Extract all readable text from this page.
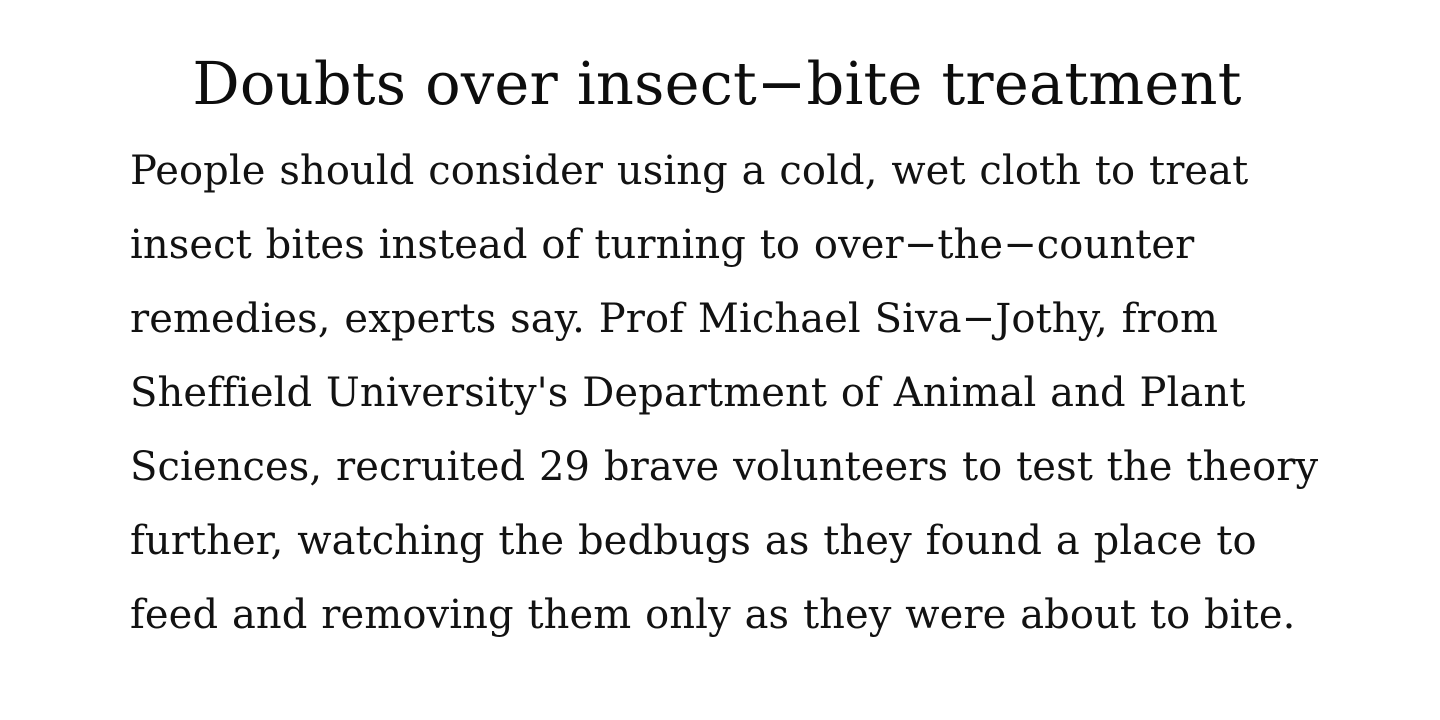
Doubts over insect−bite treatment

People should consider using a cold, wet cloth to treat insect bites instead of turning to over−the−counter remedies, experts say. Prof Michael Siva−Jothy, from Sheffield University's Department of Animal and Plant Sciences, recruited 29 brave volunteers to test the theory further, watching the bedbugs as they found a place to feed and removing them only as they were about to bite.
